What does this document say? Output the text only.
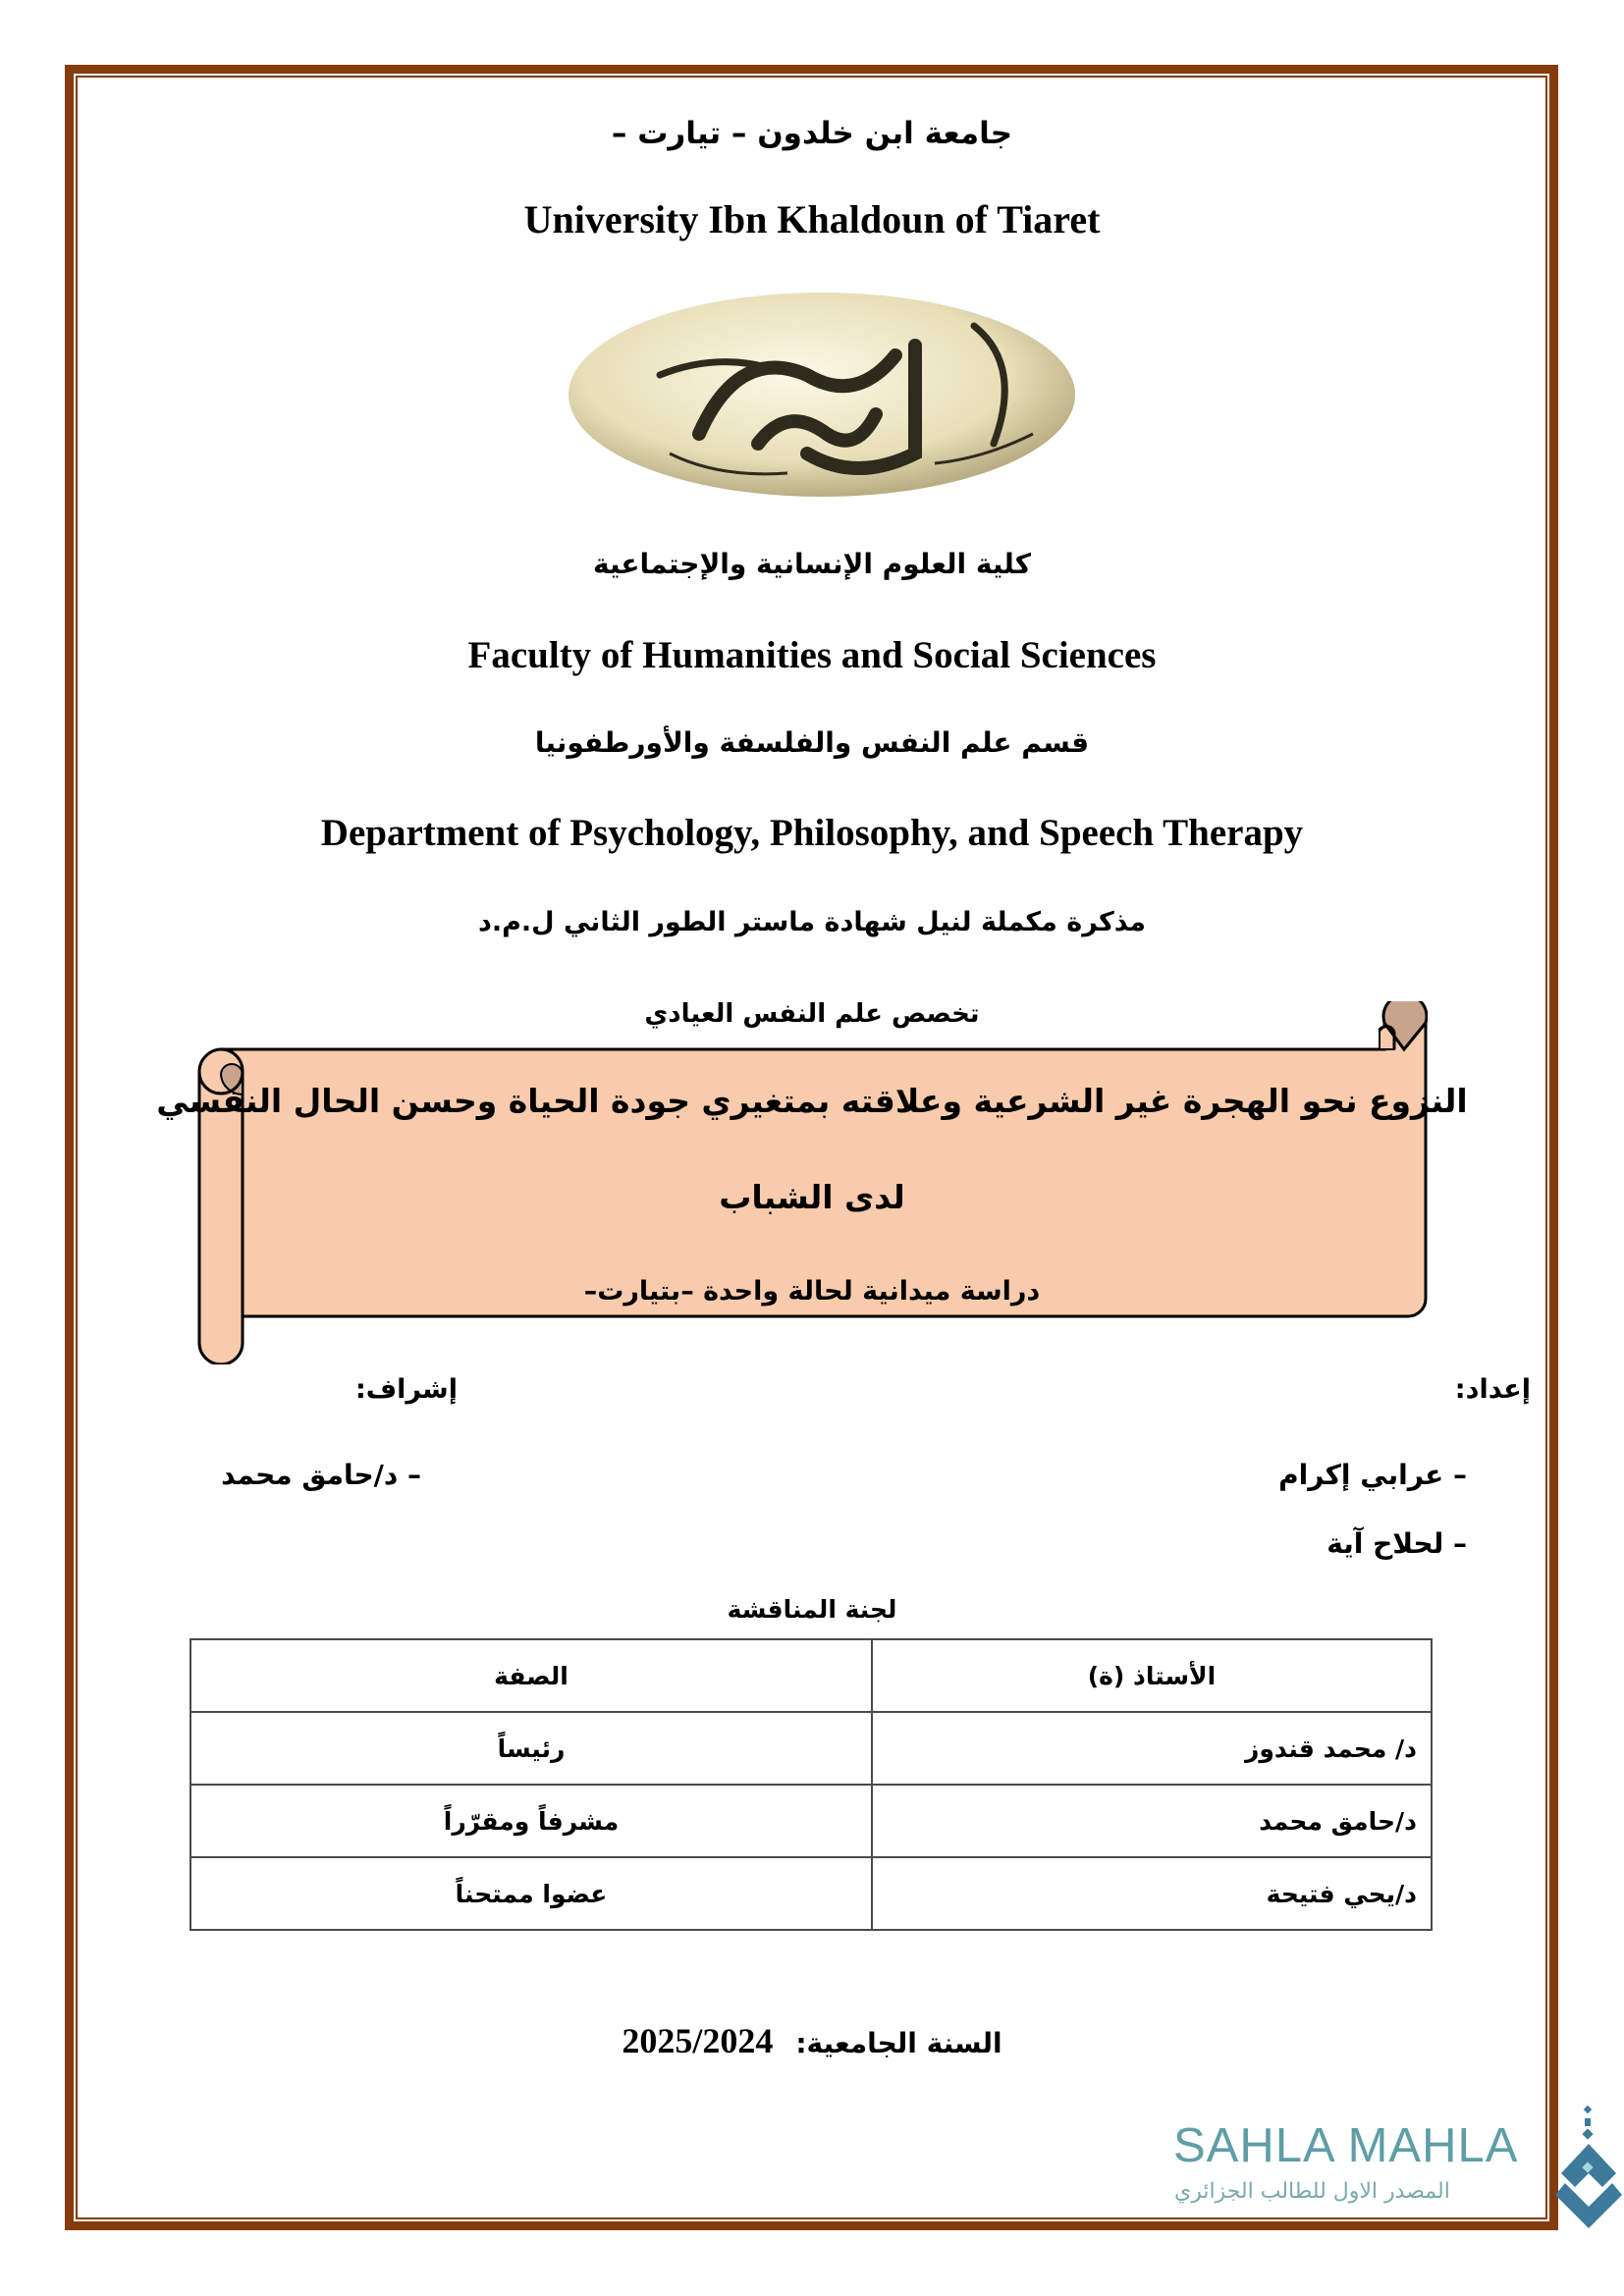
جامعة ابن خلدون – تيارت –
University Ibn Khaldoun of Tiaret
كلية العلوم الإنسانية والإجتماعية
Faculty of Humanities and Social Sciences
قسم علم النفس والفلسفة والأورطفونيا
Department of Psychology, Philosophy, and Speech Therapy
مذكرة مكملة لنيل شهادة ماستر الطور الثاني ل.م.د
تخصص علم النفس العيادي
النزوع نحو الهجرة غير الشرعية وعلاقته بمتغيري جودة الحياة وحسن الحال النفسي
لدى الشباب
دراسة ميدانية لحالة واحدة –بتيارت–
إعداد:
إشراف:
– عرابي إكرام
– لحلاح آية
– د/حامق محمد
لجنة المناقشة
الأستاذ (ة)	الصفة
د/ محمد قندوز	رئيساً
د/حامق محمد	مشرفاً ومقرّراً
د/يحي فتيحة	عضوا ممتحناً
السنة الجامعية: 2025/2024
SAHLA MAHLA
المصدر الاول للطالب الجزائري
